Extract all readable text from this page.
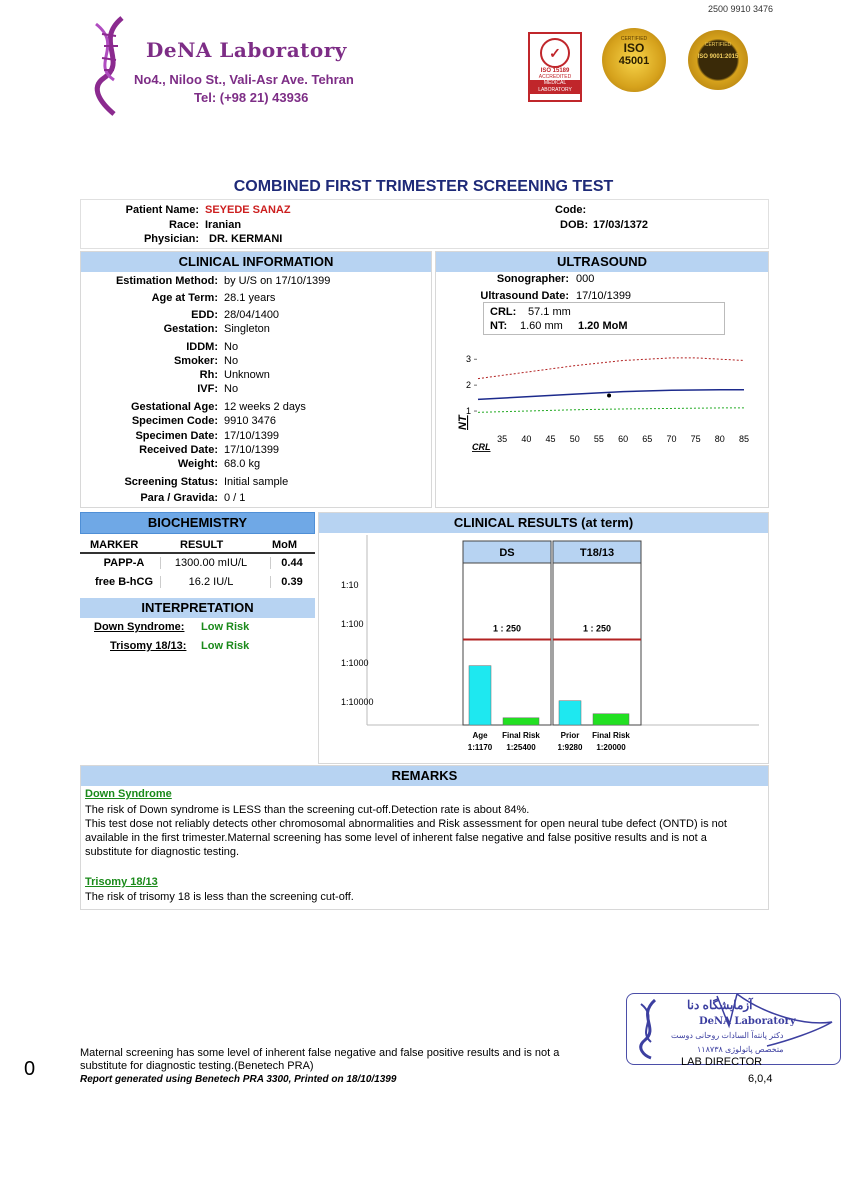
2500 9910 3476
DeNA Laboratory
No4., Niloo St., Vali-Asr Ave. Tehran
Tel: (+98 21) 43936
✓
ISO 15189
ACCREDITED
MEDICAL
LABORATORY
CERTIFIED
ISO
45001
CERTIFIED
ISO 9001:2015
COMBINED FIRST TRIMESTER SCREENING TEST
Patient Name: SEYEDE SANAZ
Race: Iranian
Physician: DR. KERMANI
Code:
DOB: 17/03/1372
CLINICAL INFORMATION
Estimation Method: by U/S on 17/10/1399
Age at Term: 28.1 years
EDD: 28/04/1400
Gestation: Singleton
IDDM: No
Smoker: No
Rh: Unknown
IVF: No
Gestational Age: 12 weeks 2 days
Specimen Code: 9910 3476
Specimen Date: 17/10/1399
Received Date: 17/10/1399
Weight: 68.0 kg
Screening Status: Initial sample
Para / Gravida: 0 / 1
ULTRASOUND
Sonographer: 000
Ultrasound Date: 17/10/1399
CRL: 57.1 mm
NT: 1.60 mm 1.20 MoM
1
2
3
35 40 45 50 55 60 65 70 75 80 85
NT
CRL
BIOCHEMISTRY
MARKER	RESULT	MoM
PAPP-A	1300.00 mIU/L	0.44
free B-hCG	16.2 IU/L	0.39
INTERPRETATION
Down Syndrome: Low Risk
Trisomy 18/13: Low Risk
CLINICAL RESULTS (at term)
1:10
1:100
1:1000
1:10000
DS
1 : 250
Age
1:1170
Final Risk
1:25400
T18/13
1 : 250
Prior
1:9280
Final Risk
1:20000
REMARKS
Down Syndrome
The risk of Down syndrome is LESS than the screening cut-off.Detection rate is about 84%.
This test dose not reliably detects other chromosomal abnormalities and Risk assessment for open neural tube defect (ONTD) is not available in the first trimester.Maternal screening has some level of inherent false negative and false positive results and is not a substitute for diagnostic testing.
Trisomy 18/13
The risk of trisomy 18 is less than the screening cut-off.
آزمایشگاه دنا
DeNA Laboratory
دکتر پانته‌آ السادات روحانی دوست
متخصص پاتولوژی ۱۱۸۷۳۸
0
Maternal screening has some level of inherent false negative and false positive results and is not a
substitute for diagnostic testing.(Benetech PRA)
Report generated using Benetech PRA 3300, Printed on 18/10/1399
LAB DIRECTOR
6,0,4
